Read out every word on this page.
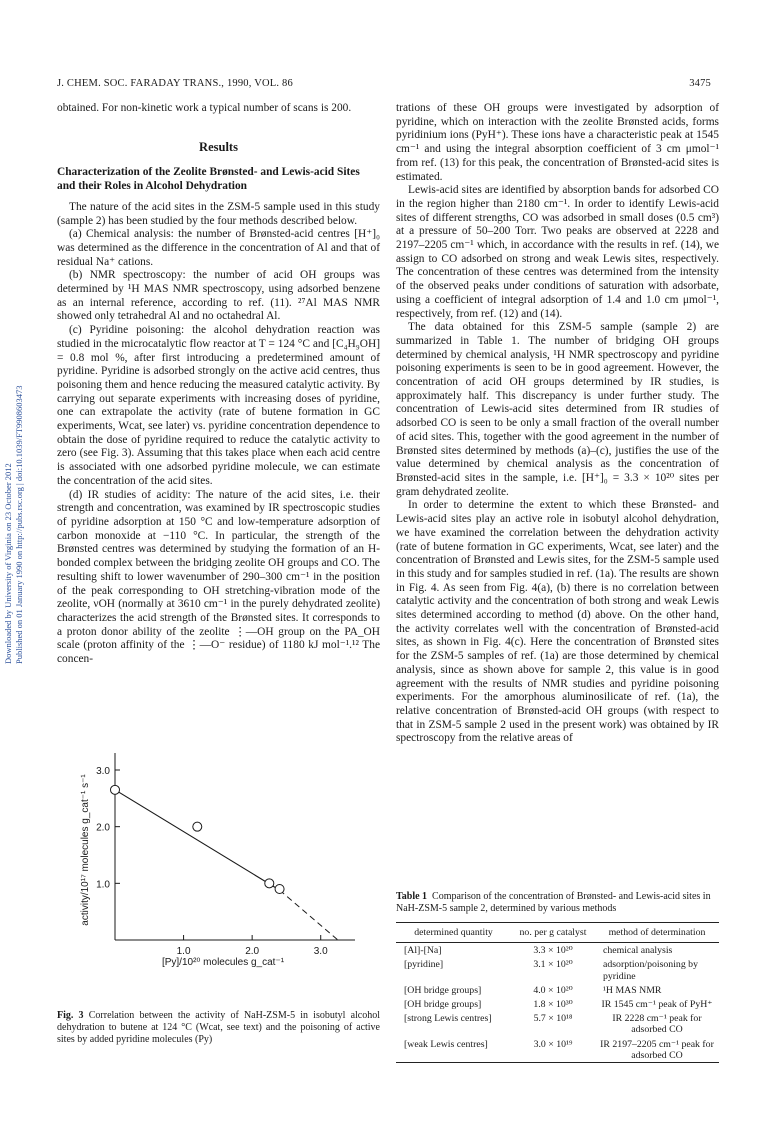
J. CHEM. SOC. FARADAY TRANS., 1990, VOL. 86	3475
Downloaded by University of Virginia on 23 October 2012 Published on 01 January 1990 on http://pubs.rsc.org | doi:10.1039/FT9908603473

obtained. For non-kinetic work a typical number of scans is 200.

Results
Characterization of the Zeolite Brønsted- and Lewis-acid Sites and their Roles in Alcohol Dehydration

The nature of the acid sites in the ZSM-5 sample used in this study (sample 2) has been studied by the four methods described below.

(a) Chemical analysis: the number of Brønsted-acid centres [H⁺]₀ was determined as the difference in the concentration of Al and that of residual Na⁺ cations.

(b) NMR spectroscopy: the number of acid OH groups was determined by ¹H MAS NMR spectroscopy, using adsorbed benzene as an internal reference, according to ref. (11). ²⁷Al MAS NMR showed only tetrahedral Al and no octahedral Al.

(c) Pyridine poisoning: the alcohol dehydration reaction was studied in the microcatalytic flow reactor at T = 124 °C and [C₄H₉OH] = 0.8 mol %, after first introducing a predetermined amount of pyridine. Pyridine is adsorbed strongly on the active acid centres, thus poisoning them and hence reducing the measured catalytic activity. By carrying out separate experiments with increasing doses of pyridine, one can extrapolate the activity (rate of butene formation in GC experiments, Wcat, see later) vs. pyridine concentration dependence to obtain the dose of pyridine required to reduce the catalytic activity to zero (see Fig. 3). Assuming that this takes place when each acid centre is associated with one adsorbed pyridine molecule, we can estimate the concentration of the acid sites.

(d) IR studies of acidity: The nature of the acid sites, i.e. their strength and concentration, was examined by IR spectroscopic studies of pyridine adsorption at 150 °C and low-temperature adsorption of carbon monoxide at −110 °C. In particular, the strength of the Brønsted centres was determined by studying the formation of an H-bonded complex between the bridging zeolite OH groups and CO. The resulting shift to lower wavenumber of 290–300 cm⁻¹ in the position of the peak corresponding to OH stretching-vibration mode of the zeolite, νOH (normally at 3610 cm⁻¹ in the purely dehydrated zeolite) characterizes the acid strength of the Brønsted sites. It corresponds to a proton donor ability of the zeolite ⋮—OH group on the PA_OH scale (proton affinity of the ⋮—O⁻ residue) of 1180 kJ mol⁻¹.¹² The concen-

trations of these OH groups were investigated by adsorption of pyridine, which on interaction with the zeolite Brønsted acids, forms pyridinium ions (PyH⁺). These ions have a characteristic peak at 1545 cm⁻¹ and using the integral absorption coefficient of 3 cm μmol⁻¹ from ref. (13) for this peak, the concentration of Brønsted-acid sites is estimated.

Lewis-acid sites are identified by absorption bands for adsorbed CO in the region higher than 2180 cm⁻¹. In order to identify Lewis-acid sites of different strengths, CO was adsorbed in small doses (0.5 cm³) at a pressure of 50–200 Torr. Two peaks are observed at 2228 and 2197–2205 cm⁻¹ which, in accordance with the results in ref. (14), we assign to CO adsorbed on strong and weak Lewis sites, respectively. The concentration of these centres was determined from the intensity of the observed peaks under conditions of saturation with adsorbate, using a coefficient of integral adsorption of 1.4 and 1.0 cm μmol⁻¹, respectively, from ref. (12) and (14).

The data obtained for this ZSM-5 sample (sample 2) are summarized in Table 1. The number of bridging OH groups determined by chemical analysis, ¹H NMR spectroscopy and pyridine poisoning experiments is seen to be in good agreement. However, the concentration of acid OH groups determined by IR studies, is approximately half. This discrepancy is under further study. The concentration of Lewis-acid sites determined from IR studies of adsorbed CO is seen to be only a small fraction of the overall number of acid sites. This, together with the good agreement in the number of Brønsted sites determined by methods (a)–(c), justifies the use of the value determined by chemical analysis as the concentration of Brønsted-acid sites in the sample, i.e. [H⁺]₀ = 3.3 × 10²⁰ sites per gram dehydrated zeolite.

In order to determine the extent to which these Brønsted- and Lewis-acid sites play an active role in isobutyl alcohol dehydration, we have examined the correlation between the dehydration activity (rate of butene formation in GC experiments, Wcat, see later) and the concentration of Brønsted and Lewis sites, for the ZSM-5 sample used in this study and for samples studied in ref. (1a). The results are shown in Fig. 4. As seen from Fig. 4(a), (b) there is no correlation between catalytic activity and the concentration of both strong and weak Lewis sites determined according to method (d) above. On the other hand, the activity correlates well with the concentration of Brønsted-acid sites, as shown in Fig. 4(c). Here the concentration of Brønsted sites for the ZSM-5 samples of ref. (1a) are those determined by chemical analysis, since as shown above for sample 2, this value is in good agreement with the results of NMR studies and pyridine poisoning experiments. For the amorphous aluminosilicate of ref. (1a), the relative concentration of Brønsted-acid OH groups (with respect to that in ZSM-5 sample 2 used in the present work) was obtained by IR spectroscopy from the relative areas of

1.0	2.0	3.0
1.0
2.0
3.0
activity/10¹⁷ molecules g_cat⁻¹ s⁻¹
[Py]/10²⁰ molecules g_cat⁻¹
Fig. 3 Correlation between the activity of NaH-ZSM-5 in isobutyl alcohol dehydration to butene at 124 °C (Wcat, see text) and the poisoning of active sites by added pyridine molecules (Py)
Table 1 Comparison of the concentration of Brønsted- and Lewis-acid sites in NaH-ZSM-5 sample 2, determined by various methods
determined quantity	no. per g catalyst	method of determination
[Al]-[Na]	3.3 × 10²⁰	chemical analysis
[pyridine]	3.1 × 10²⁰	adsorption/poisoning by pyridine
[OH bridge groups]	4.0 × 10²⁰	¹H MAS NMR
[OH bridge groups]	1.8 × 10³⁰	IR 1545 cm⁻¹ peak of PyH⁺
[strong Lewis centres]	5.7 × 10¹⁸	IR 2228 cm⁻¹ peak for adsorbed CO
[weak Lewis centres]	3.0 × 10¹⁹	IR 2197–2205 cm⁻¹ peak for adsorbed CO
